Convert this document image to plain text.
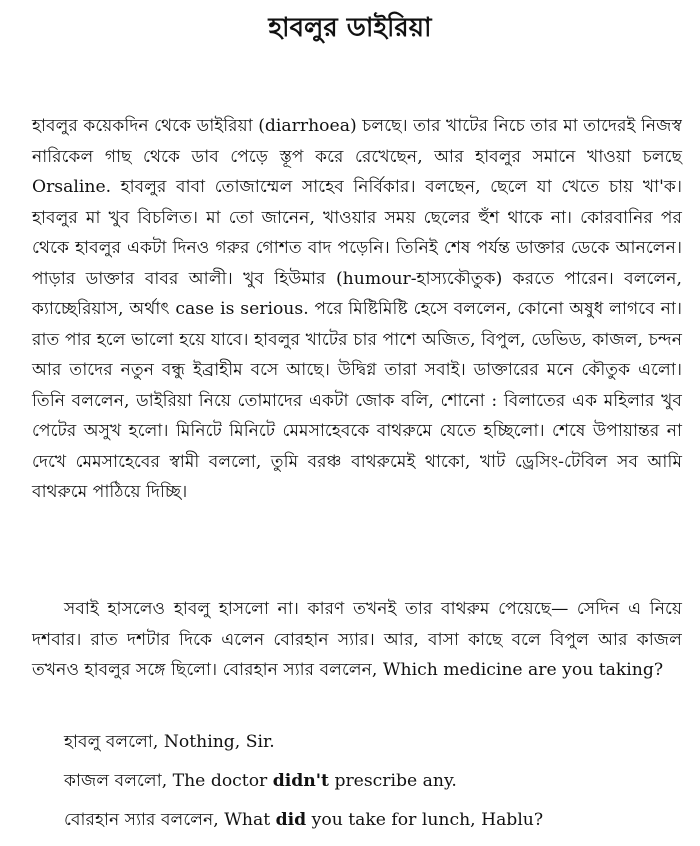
হাবলুর ডাইরিয়া

হাবলুর কয়েকদিন থেকে ডাইরিয়া (diarrhoea) চলছে। তার খাটের নিচে তার মা তাদেরই নিজস্ব নারিকেল গাছ থেকে ডাব পেড়ে স্তূপ করে রেখেছেন, আর হাবলুর সমানে খাওয়া চলছে Orsaline. হাবলুর বাবা তোজাম্মেল সাহেব নির্বিকার। বলছেন, ছেলে যা খেতে চায় খা'ক। হাবলুর মা খুব বিচলিত। মা তো জানেন, খাওয়ার সময় ছেলের হুঁশ থাকে না। কোরবানির পর থেকে হাবলুর একটা দিনও গরুর গোশত বাদ পড়েনি। তিনিই শেষ পর্যন্ত ডাক্তার ডেকে আনলেন। পাড়ার ডাক্তার বাবর আলী। খুব হিউমার (humour-হাস্যকৌতুক) করতে পারেন। বললেন, ক্যাচ্ছেরিয়াস, অর্থাৎ case is serious. পরে মিষ্টিমিষ্টি হেসে বললেন, কোনো অষুধ লাগবে না। রাত পার হলে ভালো হয়ে যাবে। হাবলুর খাটের চার পাশে অজিত, বিপুল, ডেভিড, কাজল, চন্দন আর তাদের নতুন বন্ধু ইব্রাহীম বসে আছে। উদ্বিগ্ন তারা সবাই। ডাক্তারের মনে কৌতুক এলো। তিনি বললেন, ডাইরিয়া নিয়ে তোমাদের একটা জোক বলি, শোনো : বিলাতের এক মহিলার খুব পেটের অসুখ হলো। মিনিটে মিনিটে মেমসাহেবকে বাথরুমে যেতে হচ্ছিলো। শেষে উপায়ান্তর না দেখে মেমসাহেবের স্বামী বললো, তুমি বরঞ্চ বাথরুমেই থাকো, খাট ড্রেসিং-টেবিল সব আমি বাথরুমে পাঠিয়ে দিচ্ছি।

সবাই হাসলেও হাবলু হাসলো না। কারণ তখনই তার বাথরুম পেয়েছে— সেদিন এ নিয়ে দশবার। রাত দশটার দিকে এলেন বোরহান স্যার। আর, বাসা কাছে বলে বিপুল আর কাজল তখনও হাবলুর সঙ্গে ছিলো। বোরহান স্যার বললেন, Which medicine are you taking?

হাবলু বললো, Nothing, Sir.

কাজল বললো, The doctor didn't prescribe any.

বোরহান স্যার বললেন, What did you take for lunch, Hablu?
